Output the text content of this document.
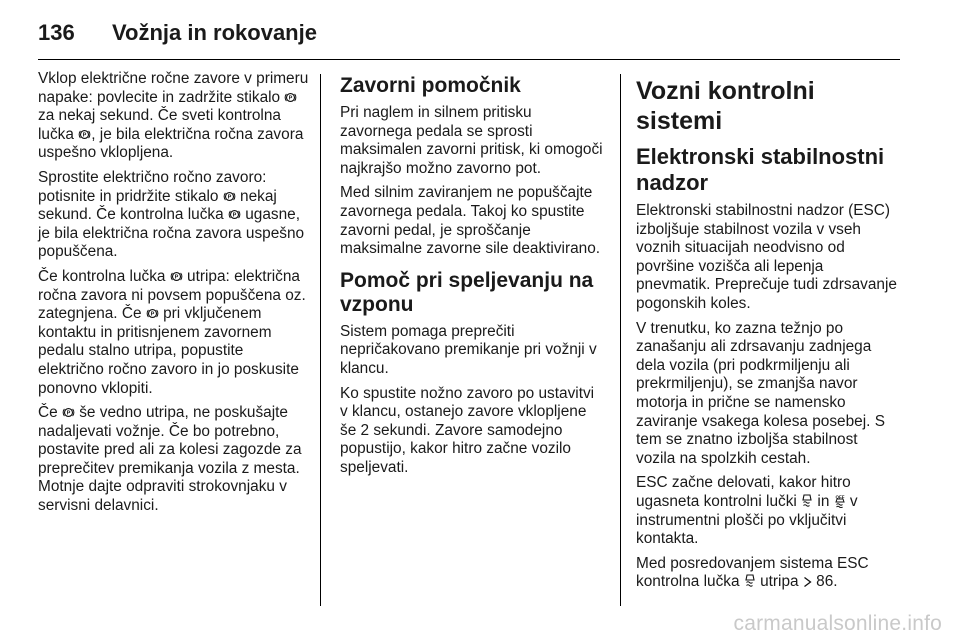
136	Vožnja in rokovanje

Vklop električne ročne zavore v primeru napake: povlecite in zadržite stikalo P
za nekaj sekund. Če sveti kontrolna lučka P , je bila električna ročna zavora uspešno vklopljena.

Sprostite električno ročno zavoro: potisnite in pridržite stikalo P nekaj sekund. Če kontrolna lučka P ugasne, je bila električna ročna zavora uspešno popuščena.

Če kontrolna lučka P utripa: električna ročna zavora ni povsem popuščena oz. zategnjena. Če P pri vključenem kontaktu in pritisnjenem zavornem pedalu stalno utripa, popustite električno ročno zavoro in jo poskusite ponovno vklopiti.

Če P še vedno utripa, ne poskušajte nadaljevati vožnje. Če bo potrebno, postavite pred ali za kolesi zagozde za preprečitev premikanja vozila z mesta. Motnje dajte odpraviti strokovnjaku v servisni delavnici.

Zavorni pomočnik

Pri naglem in silnem pritisku zavornega pedala se sprosti maksimalen zavorni pritisk, ki omogoči najkrajšo možno zavorno pot.

Med silnim zaviranjem ne popuščajte zavornega pedala. Takoj ko spustite zavorni pedal, je sproščanje maksimalne zavorne sile deaktivirano.

Pomoč pri speljevanju na vzponu

Sistem pomaga preprečiti nepričakovano premikanje pri vožnji v klancu.

Ko spustite nožno zavoro po ustavitvi v klancu, ostanejo zavore vklopljene še 2 sekundi. Zavore samodejno popustijo, kakor hitro začne vozilo speljevati.

Vozni kontrolni sistemi
Elektronski stabilnostni nadzor

Elektronski stabilnostni nadzor (ESC) izboljšuje stabilnost vozila v vseh voznih situacijah neodvisno od površine vozišča ali lepenja pnevmatik. Preprečuje tudi zdrsavanje pogonskih koles.

V trenutku, ko zazna težnjo po zanašanju ali zdrsavanju zadnjega dela vozila (pri podkrmiljenju ali prekrmiljenju), se zmanjša navor motorja in prične se namensko zaviranje vsakega kolesa posebej. S tem se znatno izboljša stabilnost vozila na spolzkih cestah.

ESC začne delovati, kakor hitro ugasneta kontrolni lučki  in OFF v instrumentni plošči po vključitvi kontakta.

Med posredovanjem sistema ESC kontrolna lučka  utripa  86.

carmanualsonline.info
